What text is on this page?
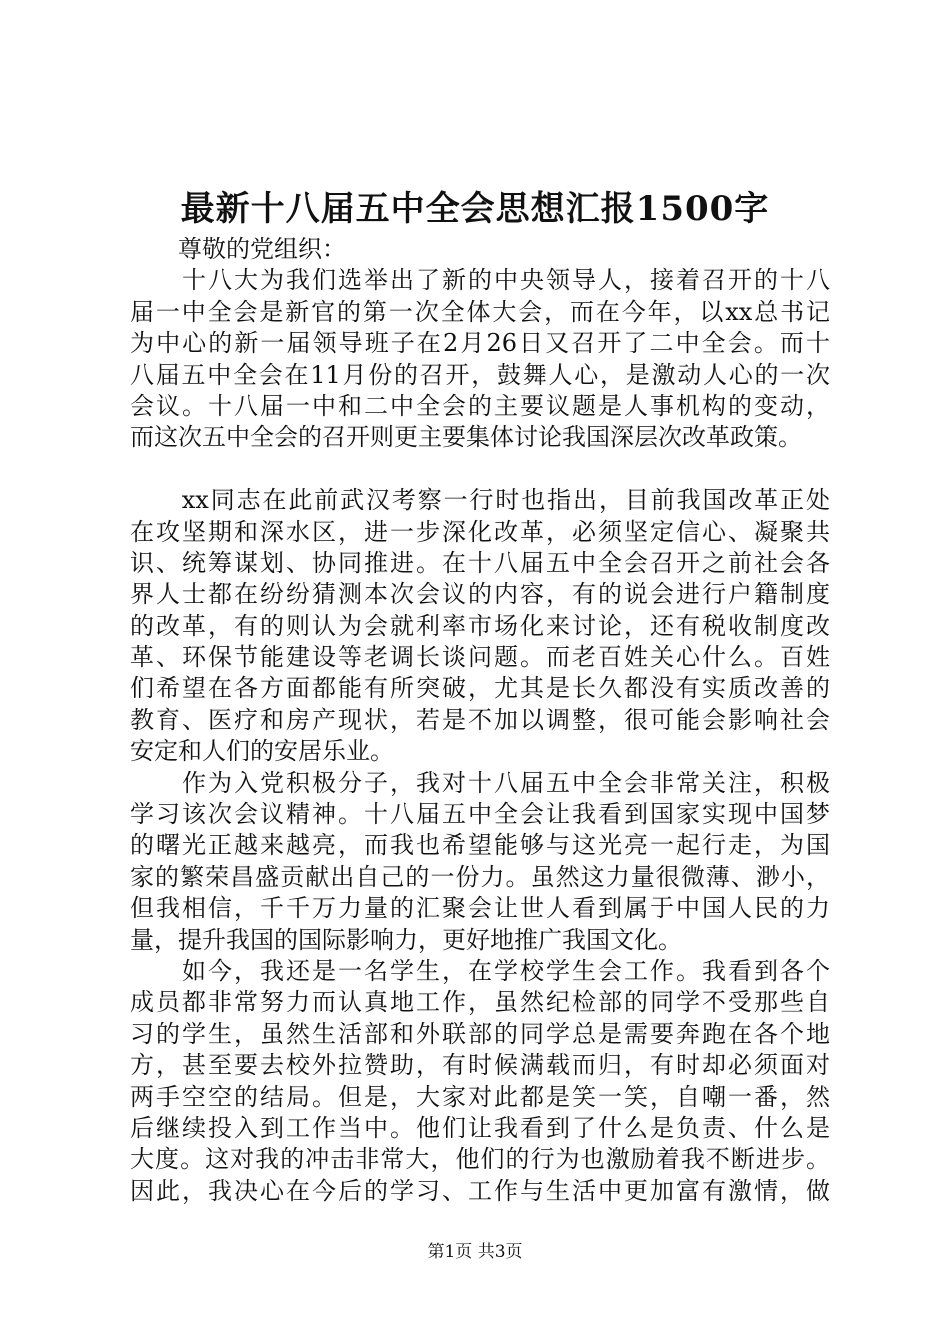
最新十八届五中全会思想汇报1500字
　　尊敬的党组织：
　　十八大为我们选举出了新的中央领导人，接着召开的十八
届一中全会是新官的第一次全体大会，而在今年，以xx总书记
为中心的新一届领导班子在2月26日又召开了二中全会。而十
八届五中全会在11月份的召开，鼓舞人心，是激动人心的一次
会议。十八届一中和二中全会的主要议题是人事机构的变动，
而这次五中全会的召开则更主要集体讨论我国深层次改革政策。
　　xx同志在此前武汉考察一行时也指出，目前我国改革正处
在攻坚期和深水区，进一步深化改革，必须坚定信心、凝聚共
识、统筹谋划、协同推进。在十八届五中全会召开之前社会各
界人士都在纷纷猜测本次会议的内容，有的说会进行户籍制度
的改革，有的则认为会就利率市场化来讨论，还有税收制度改
革、环保节能建设等老调长谈问题。而老百姓关心什么。百姓
们希望在各方面都能有所突破，尤其是长久都没有实质改善的
教育、医疗和房产现状，若是不加以调整，很可能会影响社会
安定和人们的安居乐业。
　　作为入党积极分子，我对十八届五中全会非常关注，积极
学习该次会议精神。十八届五中全会让我看到国家实现中国梦
的曙光正越来越亮，而我也希望能够与这光亮一起行走，为国
家的繁荣昌盛贡献出自己的一份力。虽然这力量很微薄、渺小，
但我相信，千千万力量的汇聚会让世人看到属于中国人民的力
量，提升我国的国际影响力，更好地推广我国文化。
　　如今，我还是一名学生，在学校学生会工作。我看到各个
成员都非常努力而认真地工作，虽然纪检部的同学不受那些自
习的学生，虽然生活部和外联部的同学总是需要奔跑在各个地
方，甚至要去校外拉赞助，有时候满载而归，有时却必须面对
两手空空的结局。但是，大家对此都是笑一笑，自嘲一番，然
后继续投入到工作当中。他们让我看到了什么是负责、什么是
大度。这对我的冲击非常大，他们的行为也激励着我不断进步。
因此，我决心在今后的学习、工作与生活中更加富有激情，做
第1页 共3页
